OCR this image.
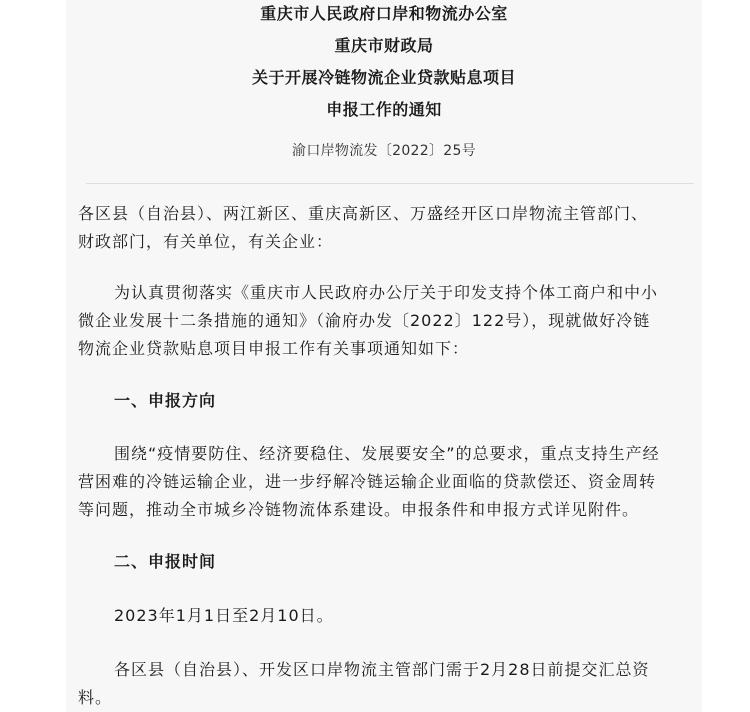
重庆市人民政府口岸和物流办公室
重庆市财政局
关于开展冷链物流企业贷款贴息项目
申报工作的通知
渝口岸物流发〔2022〕25号
各区县（自治县）、两江新区、重庆高新区、万盛经开区口岸物流主管部门、
财政部门，有关单位，有关企业：
为认真贯彻落实《重庆市人民政府办公厅关于印发支持个体工商户和中小
微企业发展十二条措施的通知》（渝府办发〔2022〕122号），现就做好冷链
物流企业贷款贴息项目申报工作有关事项通知如下：
一、申报方向
围绕“疫情要防住、经济要稳住、发展要安全”的总要求，重点支持生产经
营困难的冷链运输企业，进一步纾解冷链运输企业面临的贷款偿还、资金周转
等问题，推动全市城乡冷链物流体系建设。申报条件和申报方式详见附件。
二、申报时间
2023年1月1日至2月10日。
各区县（自治县）、开发区口岸物流主管部门需于2月28日前提交汇总资
料。
